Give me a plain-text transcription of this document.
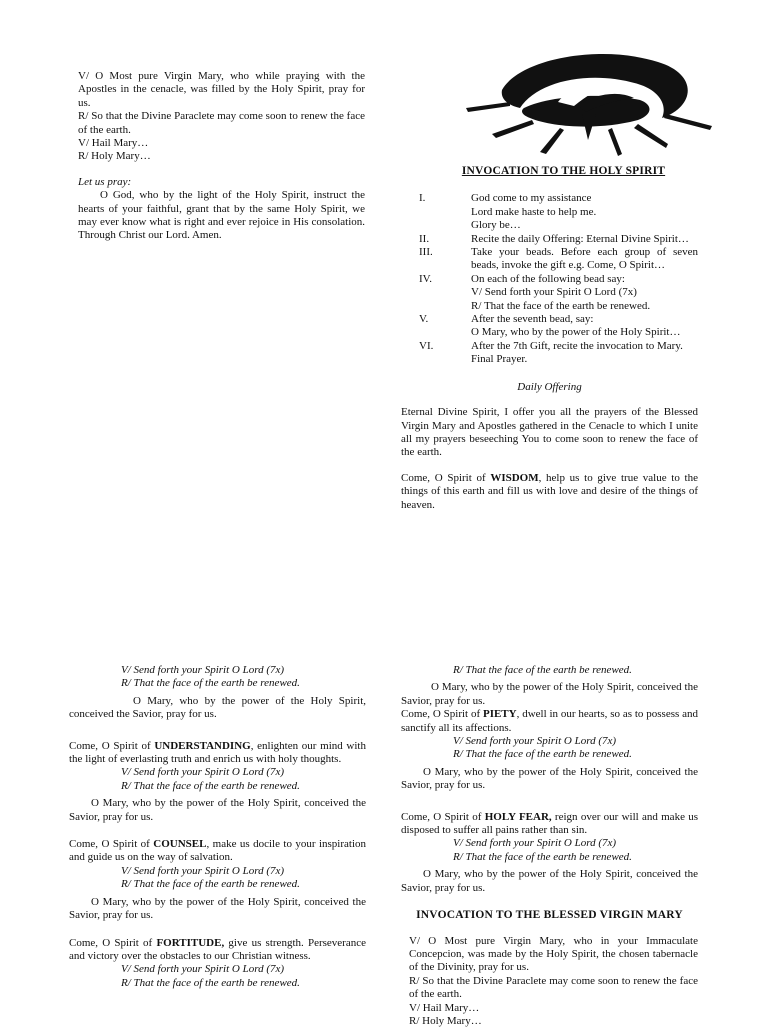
V/ O Most pure Virgin Mary, who while praying with the Apostles in the cenacle, was filled by the Holy Spirit, pray for us.

R/ So that the Divine Paraclete may come soon to renew the face of the earth.

V/ Hail Mary…

R/ Holy Mary…

Let us pray:

O God, who by the light of the Holy Spirit, instruct the hearts of your faithful, grant that by the same Holy Spirit, we may ever know what is right and ever rejoice in His consolation. Through Christ our Lord. Amen.

INVOCATION TO THE HOLY SPIRIT

I.	God come to my assistance
Lord make haste to help me.
Glory be…

II.	Recite the daily Offering: Eternal Divine Spirit…

III.	Take your beads. Before each group of seven beads, invoke the gift e.g. Come, O Spirit…

IV.	On each of the following bead say:
V/ Send forth your Spirit O Lord (7x)
R/ That the face of the earth be renewed.

V.	After the seventh bead, say:
O Mary, who by the power of the Holy Spirit…

VI.	After the 7th Gift, recite the invocation to Mary.
Final Prayer.

Daily Offering

Eternal Divine Spirit, I offer you all the prayers of the Blessed Virgin Mary and Apostles gathered in the Cenacle to which I unite all my prayers beseeching You to come soon to renew the face of the earth.

Come, O Spirit of WISDOM, help us to give true value to the things of this earth and fill us with love and desire of the things of heaven.

V/ Send forth your Spirit O Lord (7x)

R/ That the face of the earth be renewed.

O Mary, who by the power of the Holy Spirit, conceived the Savior, pray for us.

Come, O Spirit of UNDERSTANDING, enlighten our mind with the light of everlasting truth and enrich us with holy thoughts.

V/ Send forth your Spirit O Lord (7x)

R/ That the face of the earth be renewed.

O Mary, who by the power of the Holy Spirit, conceived the Savior, pray for us.

Come, O Spirit of COUNSEL, make us docile to your inspiration and guide us on the way of salvation.

V/ Send forth your Spirit O Lord (7x)

R/ That the face of the earth be renewed.

O Mary, who by the power of the Holy Spirit, conceived the Savior, pray for us.

Come, O Spirit of FORTITUDE, give us strength. Perseverance and victory over the obstacles to our Christian witness.

V/ Send forth your Spirit O Lord (7x)

R/ That the face of the earth be renewed.

R/ That the face of the earth be renewed.

O Mary, who by the power of the Holy Spirit, conceived the Savior, pray for us.

Come, O Spirit of PIETY, dwell in our hearts, so as to possess and sanctify all its affections.

V/ Send forth your Spirit O Lord (7x)

R/ That the face of the earth be renewed.

O Mary, who by the power of the Holy Spirit, conceived the Savior, pray for us.

Come, O Spirit of HOLY FEAR, reign over our will and make us disposed to suffer all pains rather than sin.

V/ Send forth your Spirit O Lord (7x)

R/ That the face of the earth be renewed.

O Mary, who by the power of the Holy Spirit, conceived the Savior, pray for us.

INVOCATION TO THE BLESSED VIRGIN MARY

V/ O Most pure Virgin Mary, who in your Immaculate Concepcion, was made by the Holy Spirit, the chosen tabernacle of the Divinity, pray for us.

R/ So that the Divine Paraclete may come soon to renew the face of the earth.

V/ Hail Mary…

R/ Holy Mary…
